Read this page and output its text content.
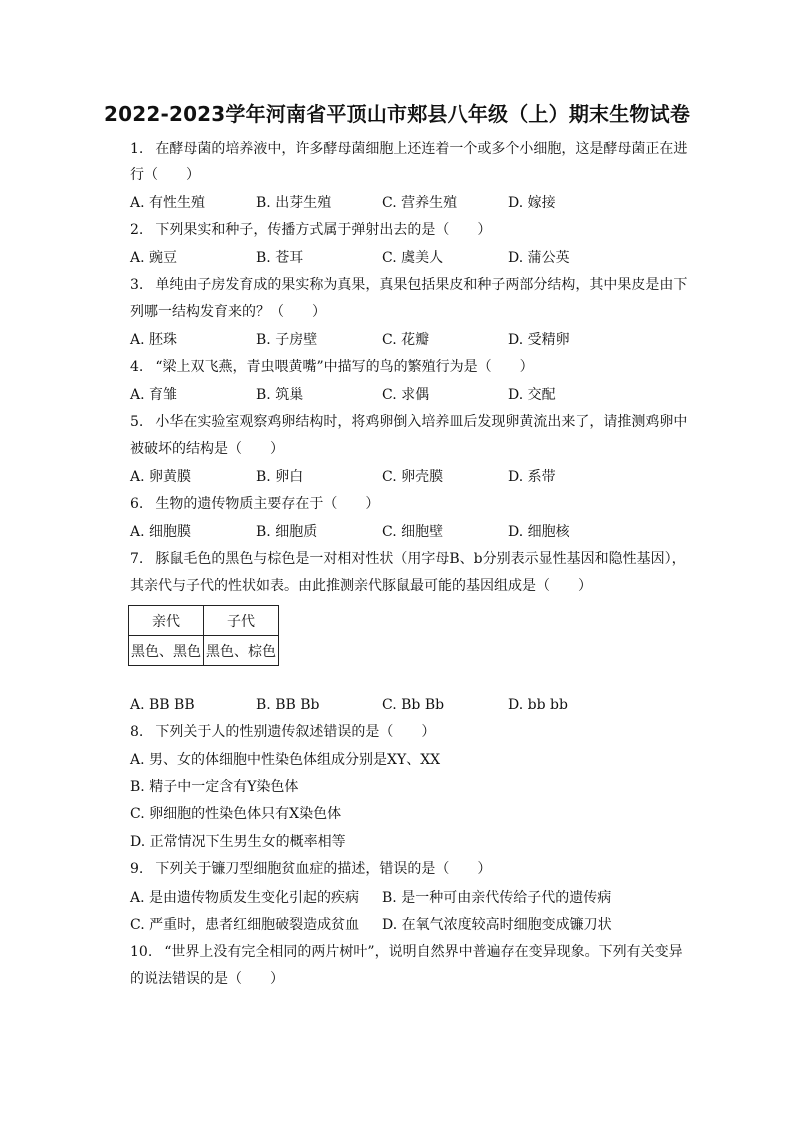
2022-2023学年河南省平顶山市郏县八年级（上）期末生物试卷
1. 在酵母菌的培养液中，许多酵母菌细胞上还连着一个或多个小细胞，这是酵母菌正在进
行（　　）
A. 有性生殖	B. 出芽生殖	C. 营养生殖	D. 嫁接
2. 下列果实和种子，传播方式属于弹射出去的是（　　）
A. 豌豆	B. 苍耳	C. 虞美人	D. 蒲公英
3. 单纯由子房发育成的果实称为真果，真果包括果皮和种子两部分结构，其中果皮是由下
列哪一结构发育来的？（　　）
A. 胚珠	B. 子房壁	C. 花瓣	D. 受精卵
4. “梁上双飞燕，青虫喂黄嘴”中描写的鸟的繁殖行为是（　　）
A. 育雏	B. 筑巢	C. 求偶	D. 交配
5. 小华在实验室观察鸡卵结构时，将鸡卵倒入培养皿后发现卵黄流出来了，请推测鸡卵中
被破坏的结构是（　　）
A. 卵黄膜	B. 卵白	C. 卵壳膜	D. 系带
6. 生物的遗传物质主要存在于（　　）
A. 细胞膜	B. 细胞质	C. 细胞壁	D. 细胞核
7. 豚鼠毛色的黑色与棕色是一对相对性状（用字母B、b分别表示显性基因和隐性基因），
其亲代与子代的性状如表。由此推测亲代豚鼠最可能的基因组成是（　　）
亲代	子代
黑色、黑色	黑色、棕色
A. BB BB	B. BB Bb	C. Bb Bb	D. bb bb
8. 下列关于人的性别遗传叙述错误的是（　　）
A. 男、女的体细胞中性染色体组成分别是XY、XX
B. 精子中一定含有Y染色体
C. 卵细胞的性染色体只有X染色体
D. 正常情况下生男生女的概率相等
9. 下列关于镰刀型细胞贫血症的描述，错误的是（　　）
A. 是由遗传物质发生变化引起的疾病 B. 是一种可由亲代传给子代的遗传病
C. 严重时，患者红细胞破裂造成贫血 D. 在氧气浓度较高时细胞变成镰刀状
10. “世界上没有完全相同的两片树叶”，说明自然界中普遍存在变异现象。下列有关变异
的说法错误的是（　　）
